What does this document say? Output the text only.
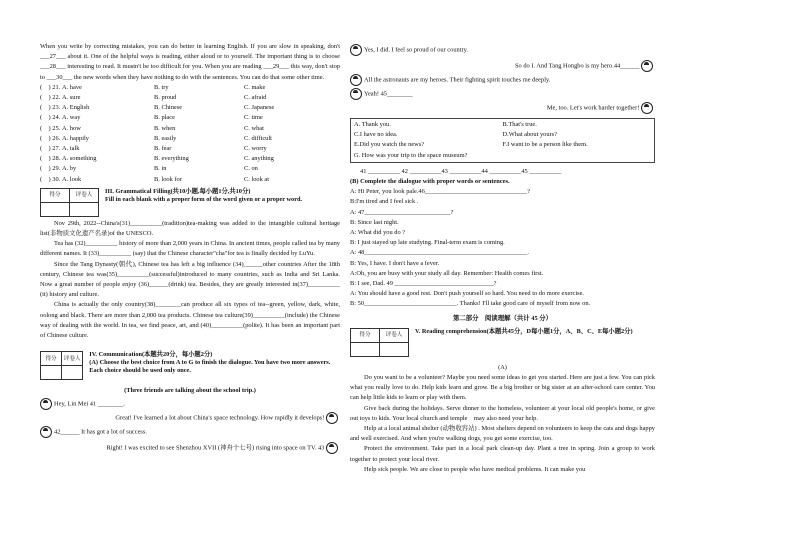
When you write by correcting mistakes, you can do better in learning English. If you are slow in speaking, don't ___27___ about it. One of the helpful ways is reading, either aloud or to yourself. The important thing is to choose ___28___ interesting to read. It mustn't be too difficult for you. When you are reading ___29___ this way, don't stop to ___30___ the new words when they have nothing to do with the sentences. You can do that some other time.

(　) 21. A. have	B. try	C. make
(　) 22. A. sure	B. proud	C. afraid
(　) 23. A. English	B. Chinese	C. Japanese
(　) 24. A. way	B. place	C. time
(　) 25. A. how	B. when	C. what
(　) 26. A. happily	B. easily	C. difficult
(　) 27. A. talk	B. fear	C. worry
(　) 28. A. something	B. everything	C. anything
(　) 29. A. by	B. in	C. on
(　) 30. A. look	B. look for	C. look at
得分	评卷人

III. Grammatical Filling(共10小题,每小题1分,共10分)
Fill in each blank with a proper form of the word given or a proper word.

Nov 29th, 2022--China's(31)__________(tradition)tea-making was added to the intangible cultural heritage list(非物质文化遗产名录)of the UNESCO.

Tea has (32)__________ history of more than 2,000 years in China. In ancient times, people called tea by many different names. It (33)__________ (say) that the Chinese character"cha"for tea is finally decided by LuYu.

Since the Tang Dynasty(朝代), Chinese tea has left a big influence (34)______other countries After the 18th century, Chinese tea was(35)__________(successful)introduced to many countries, such as India and Sri Lanka. Now a great number of people enjoy (36)______(drink) tea. Besides, they are greatly interested in(37)__________ (it) history and culture.

China is actually the only country(38)________can produce all six types of tea--green, yellow, dark, white, oolong and black. There are more than 2,000 tea products. Chinese tea culture(39)__________(include) the Chinese way of dealing with the world. In tea, we find peace, art, and (40)__________(polite). It has been an important part of Chinese culture.

得分	评卷人

IV. Communication(本题共20分，每小题2分)
(A) Choose the best choice from A to G to finish the dialogue. You have two more answers. Each choice should be used only once.
(Three friends are talking about the school trip.)
Hey, Lin Mei 41 ________.
Great! I've learned a lot about China's space technology. How rapidly it develops!
42______ It has got a lot of success.
Right! I was excited to see Shenzhou XVII (神舟十七号) rising into space on TV. 43
Yes, I did. I feel so proud of our country.
So do I. And Tang Hongbo is my hero.44______
All the astronauts are my heroes. Their fighting spirit touches me deeply.
Yeah! 45________
Me, too. Let's work harder together!
A. Thank you.	B.That's true.
C.I have no idea.	D.What about yours?
E.Did you watch the news?	F.I want to be a person like them.
G. How was your trip to the space museum?
41 __________ 42 __________43 __________44 __________45 __________
(B) Complete the dialogue with proper words or sentences.
A: Hi Peter, you look pale.46________________________________?
B:I'm tired and I feel sick .
A: 47___________________________?
B: Since last night.
A: What did you do ?
B: I just stayed up late studying. Final-term exam is coming.
A: 48___________________________________________________.
B: Yes, I have. I don't have a fever.
A:Oh, you are busy with your study all day. Remember: Health comes first.
B: I see, Dad. 49 _______________________________?
A: You should have a good rest. Don't push yourself so hard. You need to do more exercise.
B: 50_____________________________. Thanks! I'll take good care of myself from now on.
第二部分　阅读理解（共计 45 分）
得分	评卷人

V. Reading comprehension(本题共45分，D每小题1分，A、B、C、E每小题2分)
(A)

Do you want to be a volunteer? Maybe you need some ideas to get you started. Here are just a few. You can pick what you really love to do. Help kids learn and grow. Be a big brother or big sister at an after-school care center. You can help little kids to learn or play with them.

Give back during the holidays. Serve dinner to the homeless, volunteer at your local old people's home, or give out toys to kids. Your local church and temple　may also need your help.

Help at a local animal shelter (动物收容站) . Most shelters depend on volunteers to keep the cats and dogs happy and well exercised. And when you're walking dogs, you get some exercise, too.

Protect the environment. Take part in a local park clean-up day. Plant a tree in spring. Join a group to work together to protect your local river.

Help sick people. We are close to people who have medical problems. It can make you
